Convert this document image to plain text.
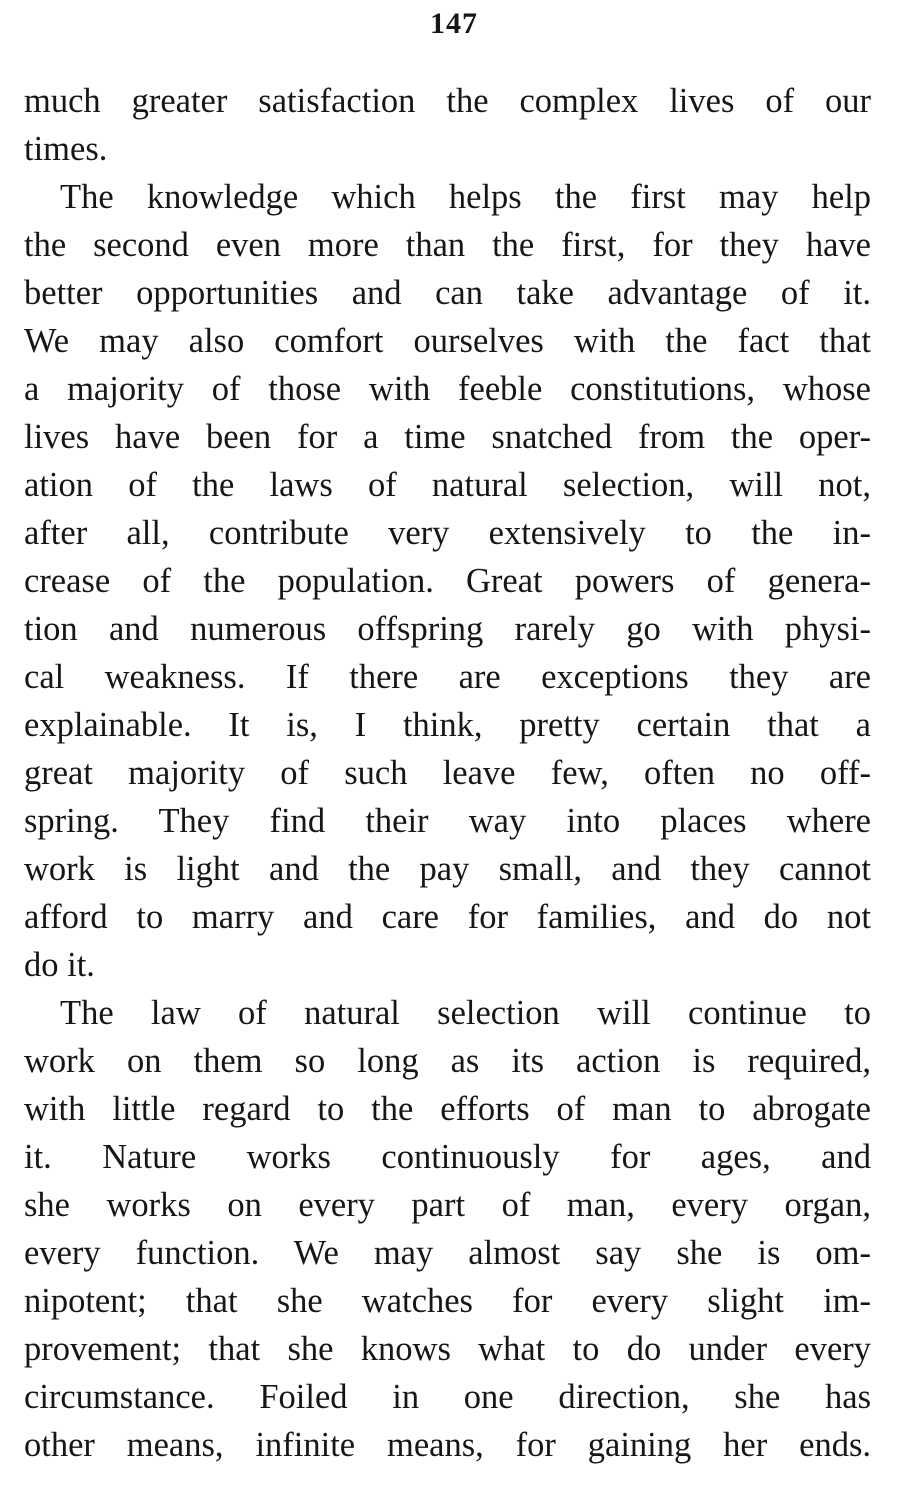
147
much greater satisfaction the complex lives of our
times.
The knowledge which helps the first may help
the second even more than the first, for they have
better opportunities and can take advantage of it.
We may also comfort ourselves with the fact that
a majority of those with feeble constitutions, whose
lives have been for a time snatched from the oper-
ation of the laws of natural selection, will not,
after all, contribute very extensively to the in-
crease of the population. Great powers of genera-
tion and numerous offspring rarely go with physi-
cal weakness. If there are exceptions they are
explainable. It is, I think, pretty certain that a
great majority of such leave few, often no off-
spring. They find their way into places where
work is light and the pay small, and they cannot
afford to marry and care for families, and do not
do it.
The law of natural selection will continue to
work on them so long as its action is required,
with little regard to the efforts of man to abrogate
it. Nature works continuously for ages, and
she works on every part of man, every organ,
every function. We may almost say she is om-
nipotent; that she watches for every slight im-
provement; that she knows what to do under every
circumstance. Foiled in one direction, she has
other means, infinite means, for gaining her ends.
